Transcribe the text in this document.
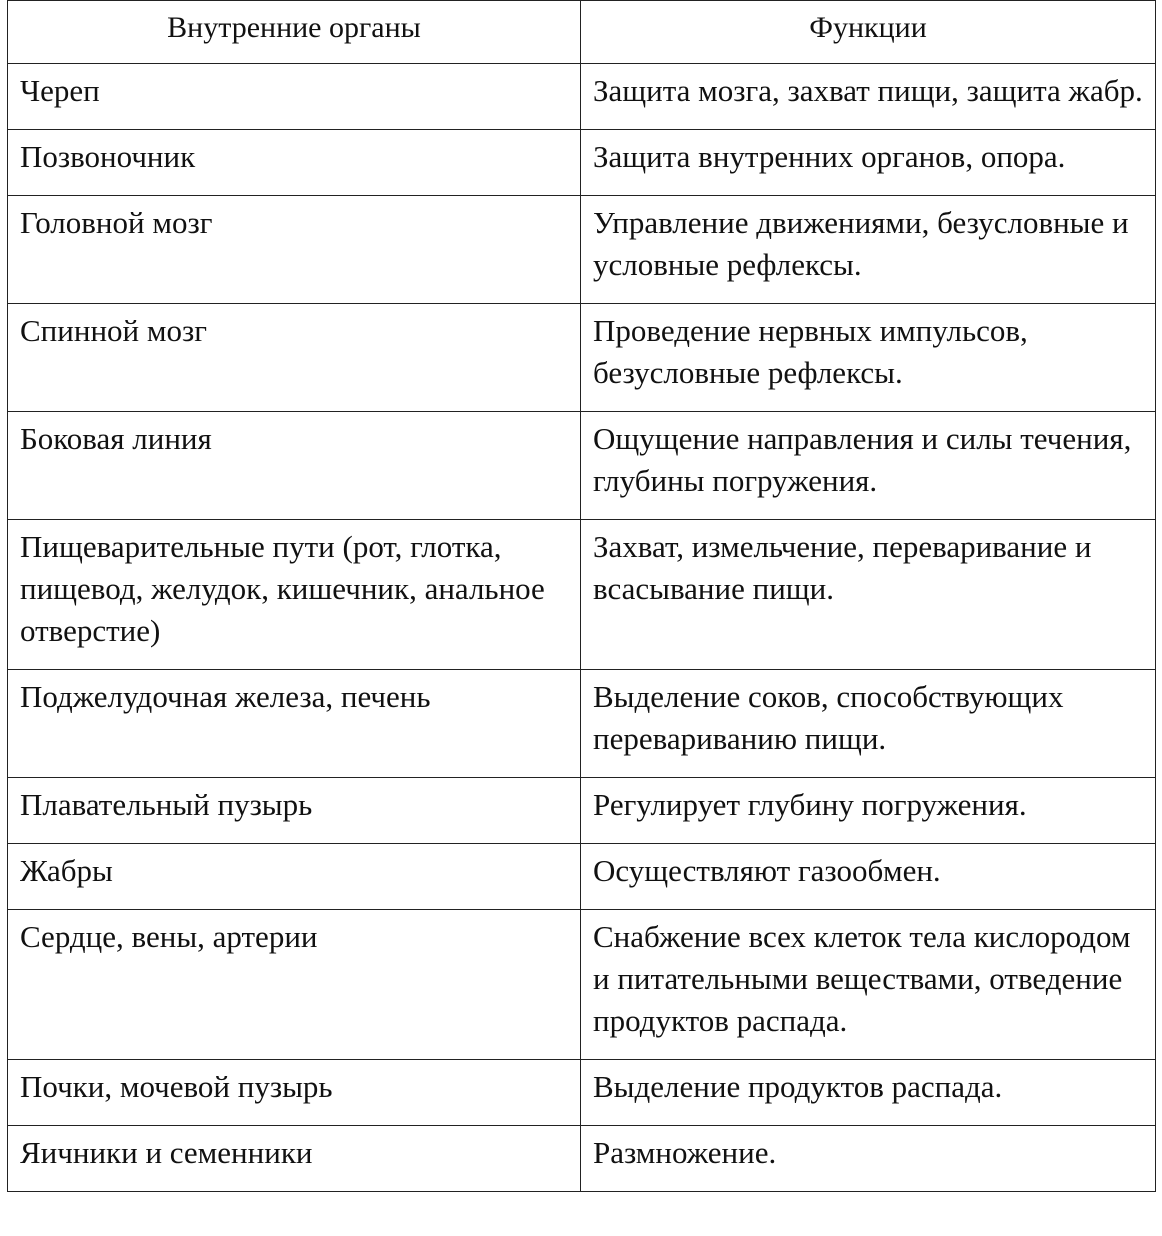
Внутренние органы	Функции

Череп	Защита мозга, захват пищи, защита жабр.

Позвоночник	Защита внутренних органов, опора.

Головной мозг	Управление движениями, безусловные и условные рефлексы.

Спинной мозг	Проведение нервных импульсов, безусловные рефлексы.

Боковая линия	Ощущение направления и силы течения, глубины погружения.

Пищеварительные пути (рот, глотка, пищевод, желудок, кишечник, анальное отверстие)	Захват, измельчение, переваривание и всасывание пищи.

Поджелудочная железа, печень	Выделение соков, способствующих перевариванию пищи.

Плавательный пузырь	Регулирует глубину погружения.

Жабры	Осуществляют газообмен.

Сердце, вены, артерии	Снабжение всех клеток тела кислородом и питательными веществами, отведение продуктов распада.

Почки, мочевой пузырь	Выделение продуктов распада.

Яичники и семенники	Размножение.
